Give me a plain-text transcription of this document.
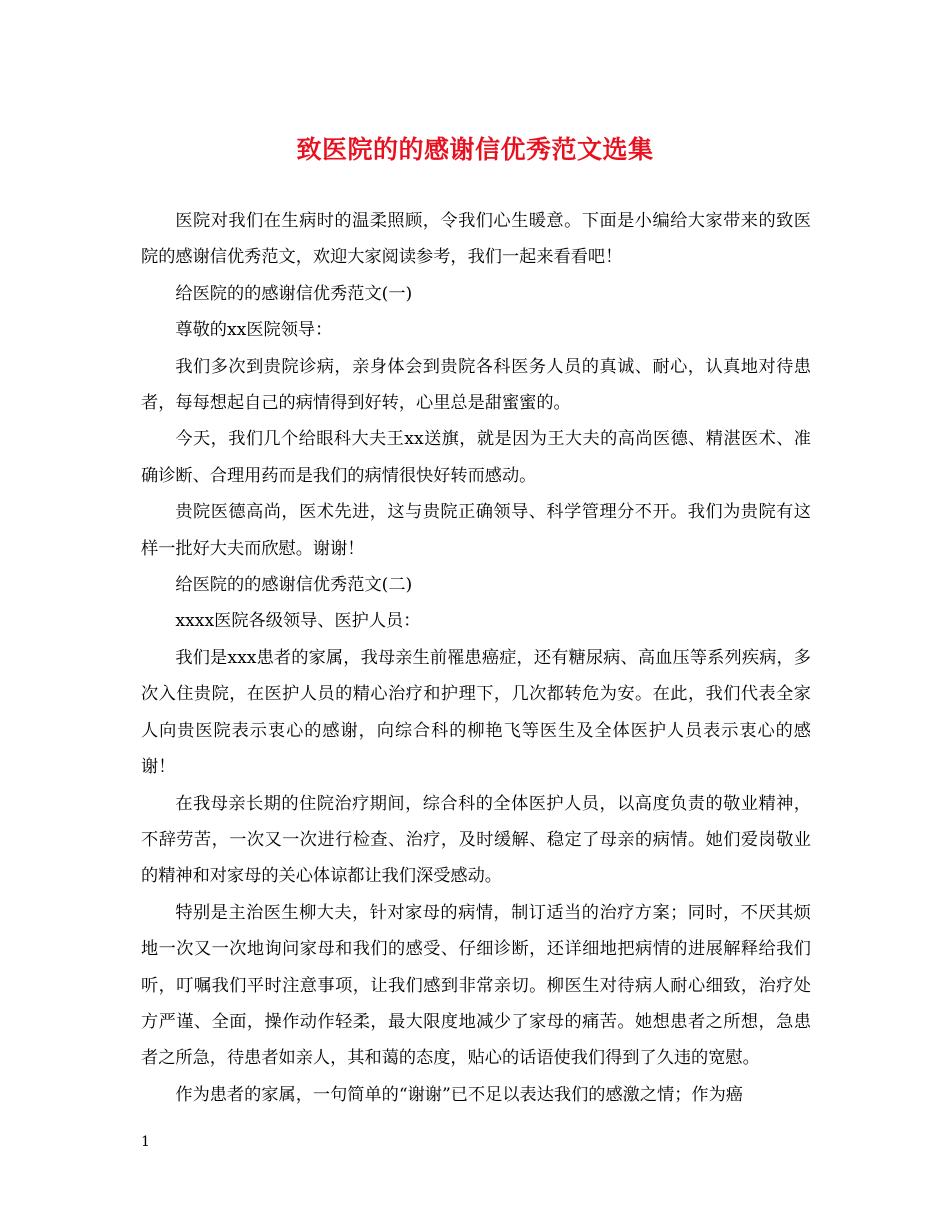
致医院的的感谢信优秀范文选集

医院对我们在生病时的温柔照顾，令我们心生暖意。下面是小编给大家带来的致医院的感谢信优秀范文，欢迎大家阅读参考，我们一起来看看吧！

给医院的的感谢信优秀范文(一)

尊敬的xx医院领导：

我们多次到贵院诊病，亲身体会到贵院各科医务人员的真诚、耐心，认真地对待患者，每每想起自己的病情得到好转，心里总是甜蜜蜜的。

今天，我们几个给眼科大夫王xx送旗，就是因为王大夫的高尚医德、精湛医术、准确诊断、合理用药而是我们的病情很快好转而感动。

贵院医德高尚，医术先进，这与贵院正确领导、科学管理分不开。我们为贵院有这样一批好大夫而欣慰。谢谢！

给医院的的感谢信优秀范文(二)

xxxx医院各级领导、医护人员：

我们是xxx患者的家属，我母亲生前罹患癌症，还有糖尿病、高血压等系列疾病，多次入住贵院，在医护人员的精心治疗和护理下，几次都转危为安。在此，我们代表全家人向贵医院表示衷心的感谢，向综合科的柳艳飞等医生及全体医护人员表示衷心的感谢！

在我母亲长期的住院治疗期间，综合科的全体医护人员，以高度负责的敬业精神，不辞劳苦，一次又一次进行检查、治疗，及时缓解、稳定了母亲的病情。她们爱岗敬业的精神和对家母的关心体谅都让我们深受感动。

特别是主治医生柳大夫，针对家母的病情，制订适当的治疗方案；同时，不厌其烦地一次又一次地询问家母和我们的感受、仔细诊断，还详细地把病情的进展解释给我们听，叮嘱我们平时注意事项，让我们感到非常亲切。柳医生对待病人耐心细致，治疗处方严谨、全面，操作动作轻柔，最大限度地减少了家母的痛苦。她想患者之所想，急患者之所急，待患者如亲人，其和蔼的态度，贴心的话语使我们得到了久违的宽慰。

作为患者的家属，一句简单的“谢谢”已不足以表达我们的感激之情；作为癌

1
